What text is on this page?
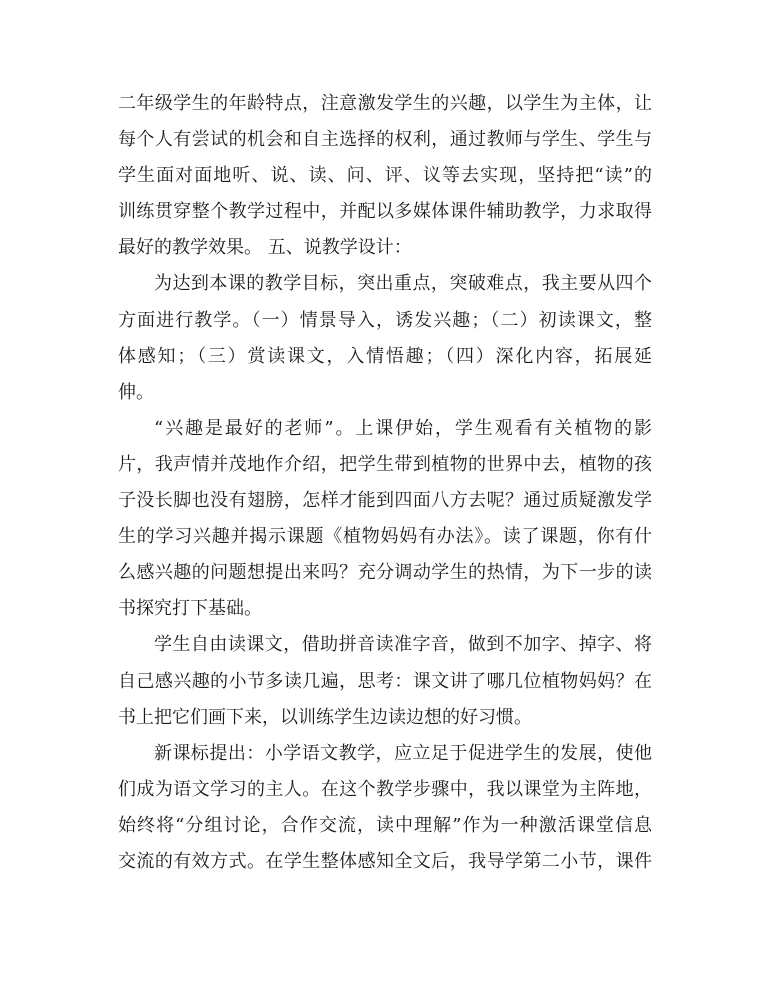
二年级学生的年龄特点，注意激发学生的兴趣，以学生为主体，让
每个人有尝试的机会和自主选择的权利，通过教师与学生、学生与
学生面对面地听、说、读、问、评、议等去实现，坚持把“读”的
训练贯穿整个教学过程中，并配以多媒体课件辅助教学，力求取得
最好的教学效果。 五、说教学设计：
为达到本课的教学目标，突出重点，突破难点，我主要从四个
方面进行教学。（一）情景导入，诱发兴趣；（二）初读课文，整
体感知；（三）赏读课文，入情悟趣；（四）深化内容，拓展延
伸。
“兴趣是最好的老师”。上课伊始，学生观看有关植物的影
片，我声情并茂地作介绍，把学生带到植物的世界中去，植物的孩
子没长脚也没有翅膀，怎样才能到四面八方去呢？通过质疑激发学
生的学习兴趣并揭示课题《植物妈妈有办法》。读了课题，你有什
么感兴趣的问题想提出来吗？充分调动学生的热情，为下一步的读
书探究打下基础。
学生自由读课文，借助拼音读准字音，做到不加字、掉字、将
自己感兴趣的小节多读几遍，思考：课文讲了哪几位植物妈妈？在
书上把它们画下来，以训练学生边读边想的好习惯。
新课标提出：小学语文教学，应立足于促进学生的发展，使他
们成为语文学习的主人。在这个教学步骤中，我以课堂为主阵地，
始终将“分组讨论，合作交流，读中理解”作为一种激活课堂信息
交流的有效方式。在学生整体感知全文后，我导学第二小节，课件
